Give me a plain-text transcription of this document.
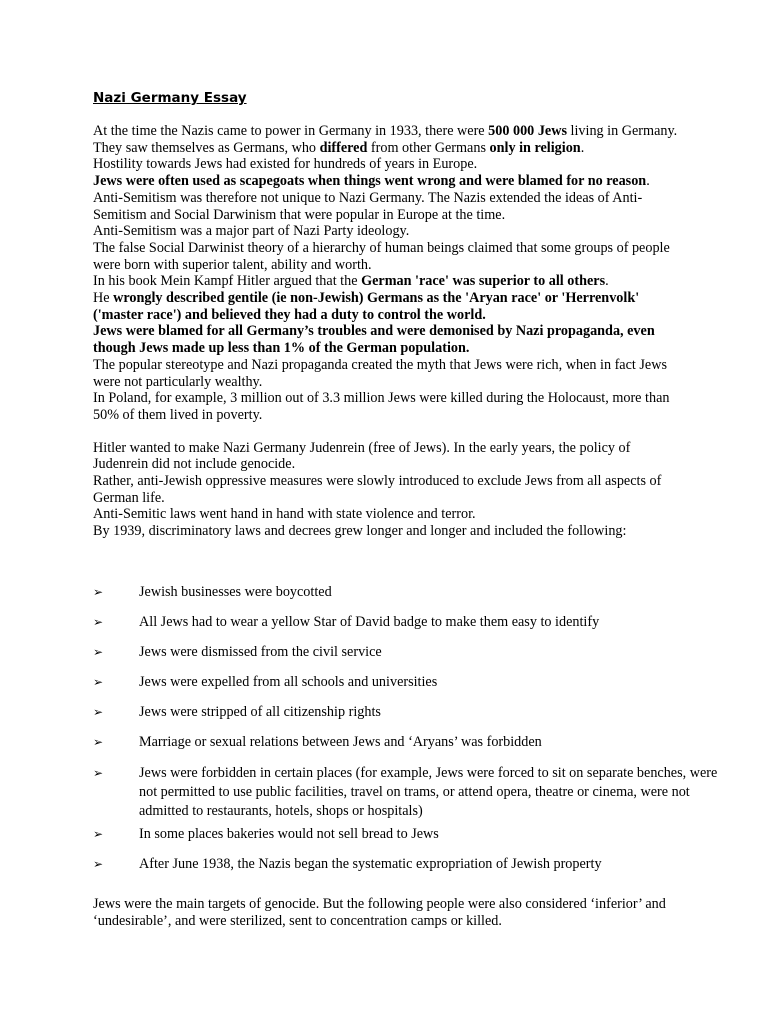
Nazi Germany Essay

At the time the Nazis came to power in Germany in 1933, there were 500 000 Jews living in Germany.

They saw themselves as Germans, who differed from other Germans only in religion.

Hostility towards Jews had existed for hundreds of years in Europe.

Jews were often used as scapegoats when things went wrong and were blamed for no reason.

Anti-Semitism was therefore not unique to Nazi Germany. The Nazis extended the ideas of Anti-Semitism and Social Darwinism that were popular in Europe at the time.

Anti-Semitism was a major part of Nazi Party ideology.

The false Social Darwinist theory of a hierarchy of human beings claimed that some groups of people were born with superior talent, ability and worth.

In his book Mein Kampf Hitler argued that the German 'race' was superior to all others.

He wrongly described gentile (ie non-Jewish) Germans as the 'Aryan race' or 'Herrenvolk' ('master race') and believed they had a duty to control the world.

Jews were blamed for all Germany’s troubles and were demonised by Nazi propaganda, even though Jews made up less than 1% of the German population.

The popular stereotype and Nazi propaganda created the myth that Jews were rich, when in fact Jews were not particularly wealthy.

In Poland, for example, 3 million out of 3.3 million Jews were killed during the Holocaust, more than 50% of them lived in poverty.

Hitler wanted to make Nazi Germany Judenrein (free of Jews). In the early years, the policy of Judenrein did not include genocide.

Rather, anti-Jewish oppressive measures were slowly introduced to exclude Jews from all aspects of German life.

Anti-Semitic laws went hand in hand with state violence and terror.

By 1939, discriminatory laws and decrees grew longer and longer and included the following:

➢	Jewish businesses were boycotted
➢	All Jews had to wear a yellow Star of David badge to make them easy to identify
➢	Jews were dismissed from the civil service
➢	Jews were expelled from all schools and universities
➢	Jews were stripped of all citizenship rights
➢	Marriage or sexual relations between Jews and ‘Aryans’ was forbidden
➢	Jews were forbidden in certain places (for example, Jews were forced to sit on separate benches, were not permitted to use public facilities, travel on trams, or attend opera, theatre or cinema, were not admitted to restaurants, hotels, shops or hospitals)
➢	In some places bakeries would not sell bread to Jews
➢	After June 1938, the Nazis began the systematic expropriation of Jewish property
Jews were the main targets of genocide. But the following people were also considered ‘inferior’ and ‘undesirable’, and were sterilized, sent to concentration camps or killed.
